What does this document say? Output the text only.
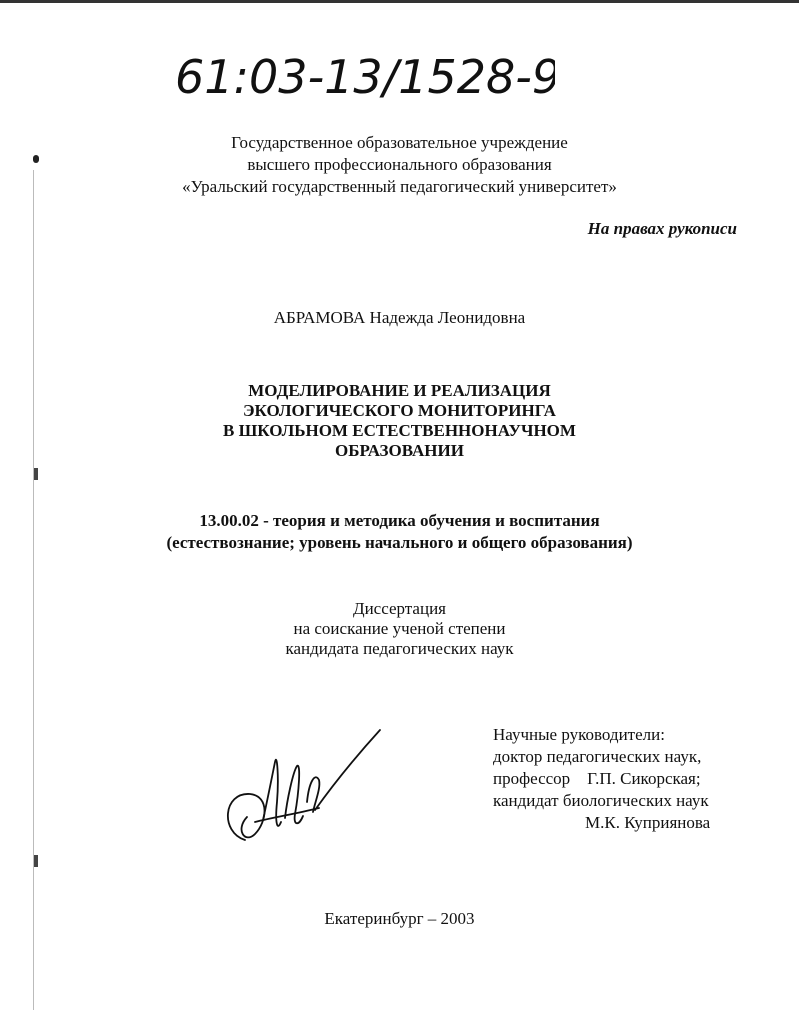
61:03-13/1528-9
Государственное образовательное учреждение
высшего профессионального образования
«Уральский государственный педагогический университет»
На правах рукописи
АБРАМОВА Надежда Леонидовна
МОДЕЛИРОВАНИЕ И РЕАЛИЗАЦИЯ
ЭКОЛОГИЧЕСКОГО МОНИТОРИНГА
В ШКОЛЬНОМ ЕСТЕСТВЕННОНАУЧНОМ
ОБРАЗОВАНИИ
13.00.02 - теория и методика обучения и воспитания
(естествознание; уровень начального и общего образования)
Диссертация
на соискание ученой степени
кандидата педагогических наук
Научные руководители:
доктор педагогических наук,
профессор    Г.П. Сикорская;
кандидат биологических наук
М.К. Куприянова
Екатеринбург – 2003
